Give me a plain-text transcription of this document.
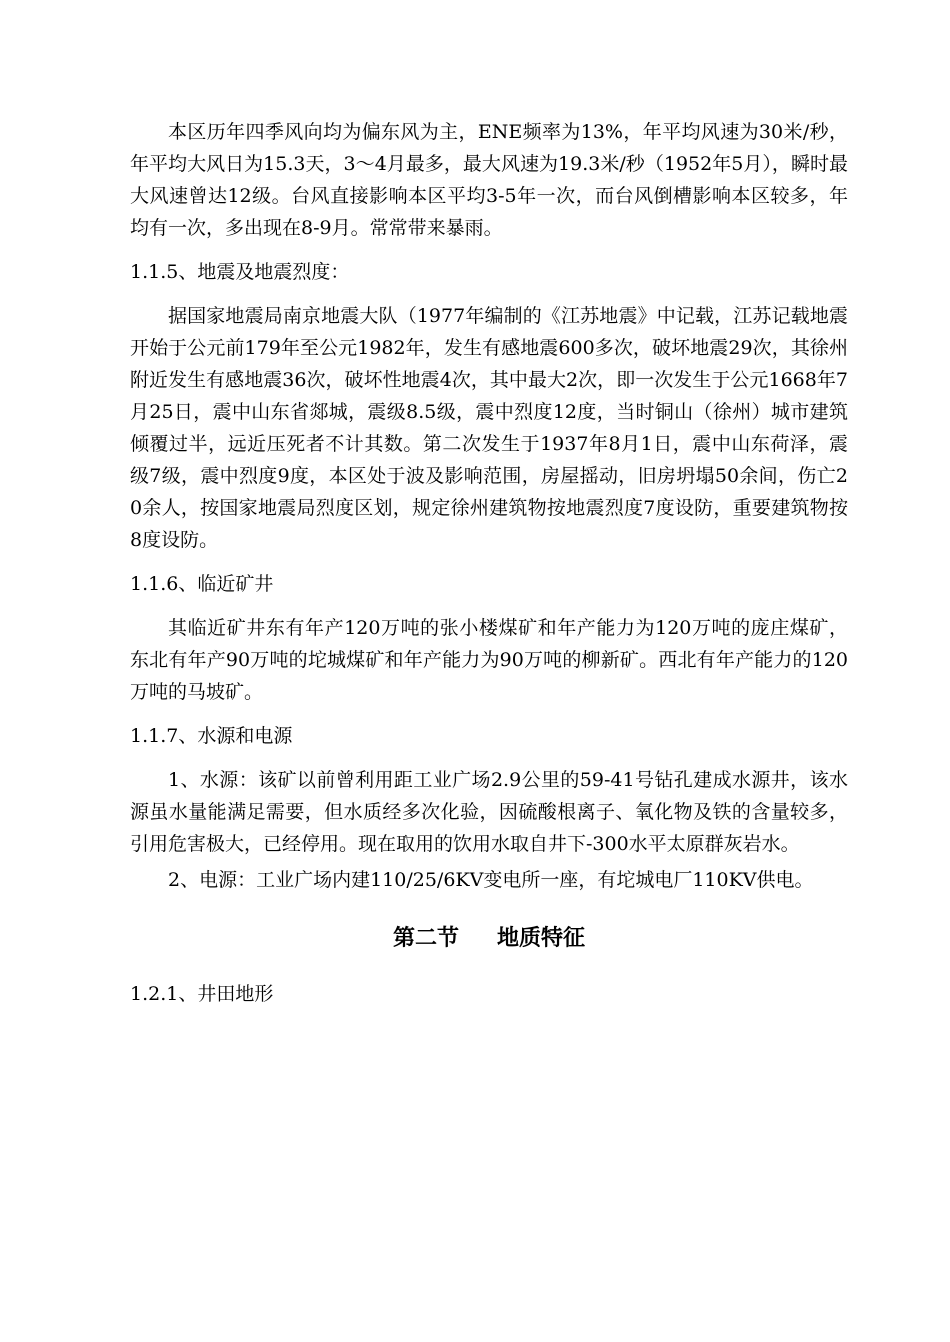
本区历年四季风向均为偏东风为主，ENE频率为13%，年平均风速为30米/秒，年平均大风日为15.3天，3～4月最多，最大风速为19.3米/秒（1952年5月），瞬时最大风速曾达12级。台风直接影响本区平均3-5年一次，而台风倒槽影响本区较多，年均有一次，多出现在8-9月。常常带来暴雨。

1.1.5、地震及地震烈度：

据国家地震局南京地震大队（1977年编制的《江苏地震》中记载，江苏记载地震开始于公元前179年至公元1982年，发生有感地震600多次，破坏地震29次，其徐州附近发生有感地震36次，破坏性地震4次，其中最大2次，即一次发生于公元1668年7月25日，震中山东省郯城，震级8.5级，震中烈度12度，当时铜山（徐州）城市建筑倾覆过半，远近压死者不计其数。第二次发生于1937年8月1日，震中山东荷泽，震级7级，震中烈度9度，本区处于波及影响范围，房屋摇动，旧房坍塌50余间，伤亡20余人，按国家地震局烈度区划，规定徐州建筑物按地震烈度7度设防，重要建筑物按8度设防。

1.1.6、临近矿井

其临近矿井东有年产120万吨的张小楼煤矿和年产能力为120万吨的庞庄煤矿，东北有年产90万吨的坨城煤矿和年产能力为90万吨的柳新矿。西北有年产能力的120万吨的马坡矿。

1.1.7、水源和电源

1、水源：该矿以前曾利用距工业广场2.9公里的59-41号钻孔建成水源井，该水源虽水量能满足需要，但水质经多次化验，因硫酸根离子、氧化物及铁的含量较多，引用危害极大，已经停用。现在取用的饮用水取自井下-300水平太原群灰岩水。

2、电源：工业广场内建110/25/6KV变电所一座，有坨城电厂110KV供电。

第二节 地质特征

1.2.1、井田地形
